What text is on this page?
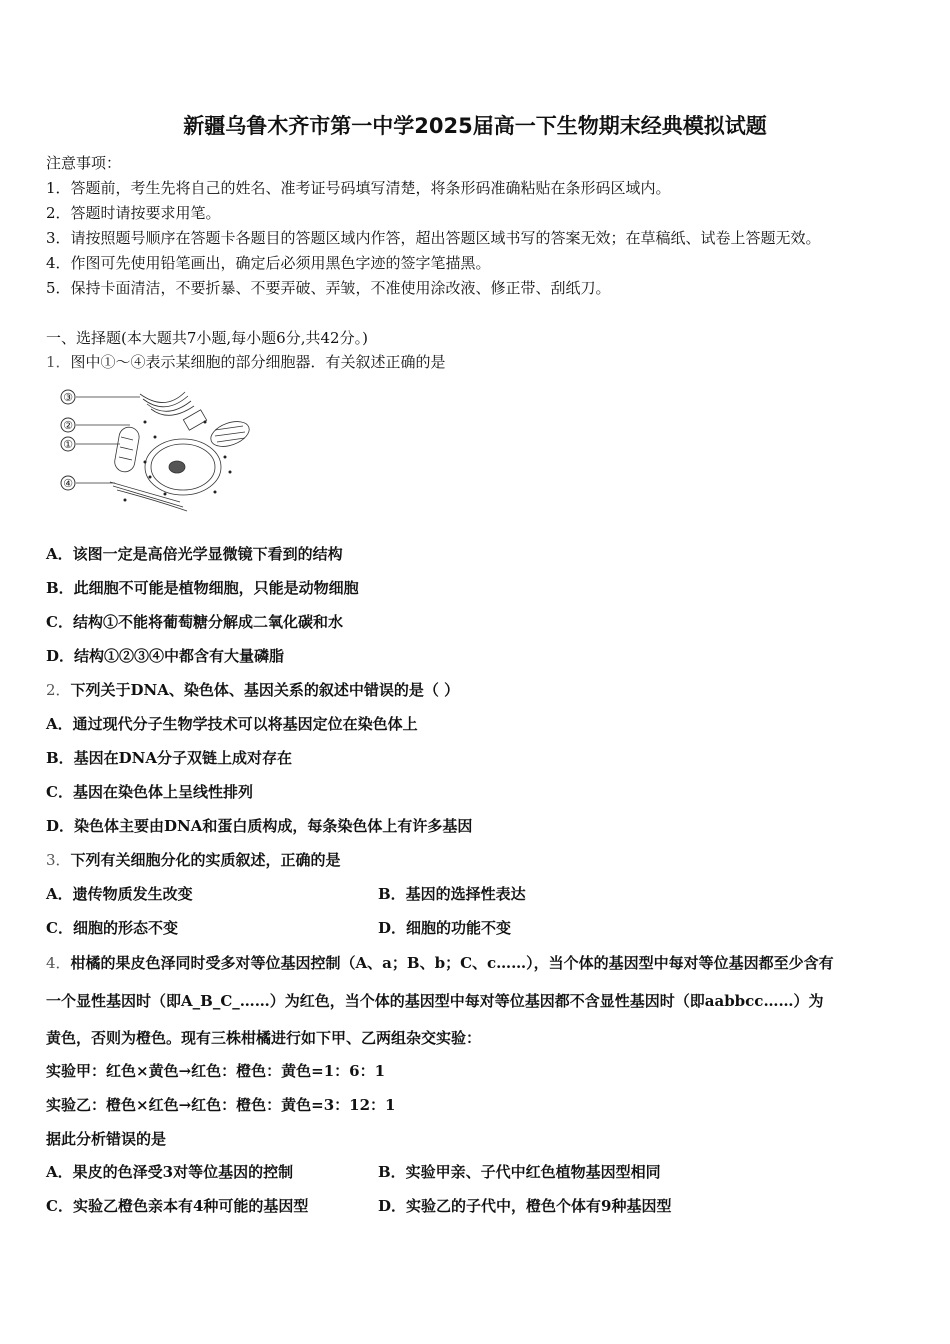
新疆乌鲁木齐市第一中学2025届高一下生物期末经典模拟试题
注意事项：
1．答题前，考生先将自己的姓名、准考证号码填写清楚，将条形码准确粘贴在条形码区域内。
2．答题时请按要求用笔。
3．请按照题号顺序在答题卡各题目的答题区域内作答，超出答题区域书写的答案无效；在草稿纸、试卷上答题无效。
4．作图可先使用铅笔画出，确定后必须用黑色字迹的签字笔描黑。
5．保持卡面清洁，不要折暴、不要弄破、弄皱，不准使用涂改液、修正带、刮纸刀。
一、选择题(本大题共7小题,每小题6分,共42分。)
1．图中①～④表示某细胞的部分细胞器．有关叙述正确的是
③
②
①
④
A．该图一定是高倍光学显微镜下看到的结构
B．此细胞不可能是植物细胞，只能是动物细胞
C．结构①不能将葡萄糖分解成二氧化碳和水
D．结构①②③④中都含有大量磷脂
2．下列关于DNA、染色体、基因关系的叙述中错误的是（ ）
A．通过现代分子生物学技术可以将基因定位在染色体上
B．基因在DNA分子双链上成对存在
C．基因在染色体上呈线性排列
D．染色体主要由DNA和蛋白质构成，每条染色体上有许多基因
3．下列有关细胞分化的实质叙述，正确的是
A．遗传物质发生改变	B．基因的选择性表达
C．细胞的形态不变	D．细胞的功能不变
4．柑橘的果皮色泽同时受多对等位基因控制（A、a；B、b；C、c……），当个体的基因型中每对等位基因都至少含有
一个显性基因时（即A_B_C_……）为红色，当个体的基因型中每对等位基因都不含显性基因时（即aabbcc……）为
黄色，否则为橙色。现有三株柑橘进行如下甲、乙两组杂交实验：
实验甲：红色×黄色→红色：橙色：黄色=1：6：1
实验乙：橙色×红色→红色：橙色：黄色=3：12：1
据此分析错误的是
A．果皮的色泽受3对等位基因的控制	B．实验甲亲、子代中红色植物基因型相同
C．实验乙橙色亲本有4种可能的基因型	D．实验乙的子代中，橙色个体有9种基因型
